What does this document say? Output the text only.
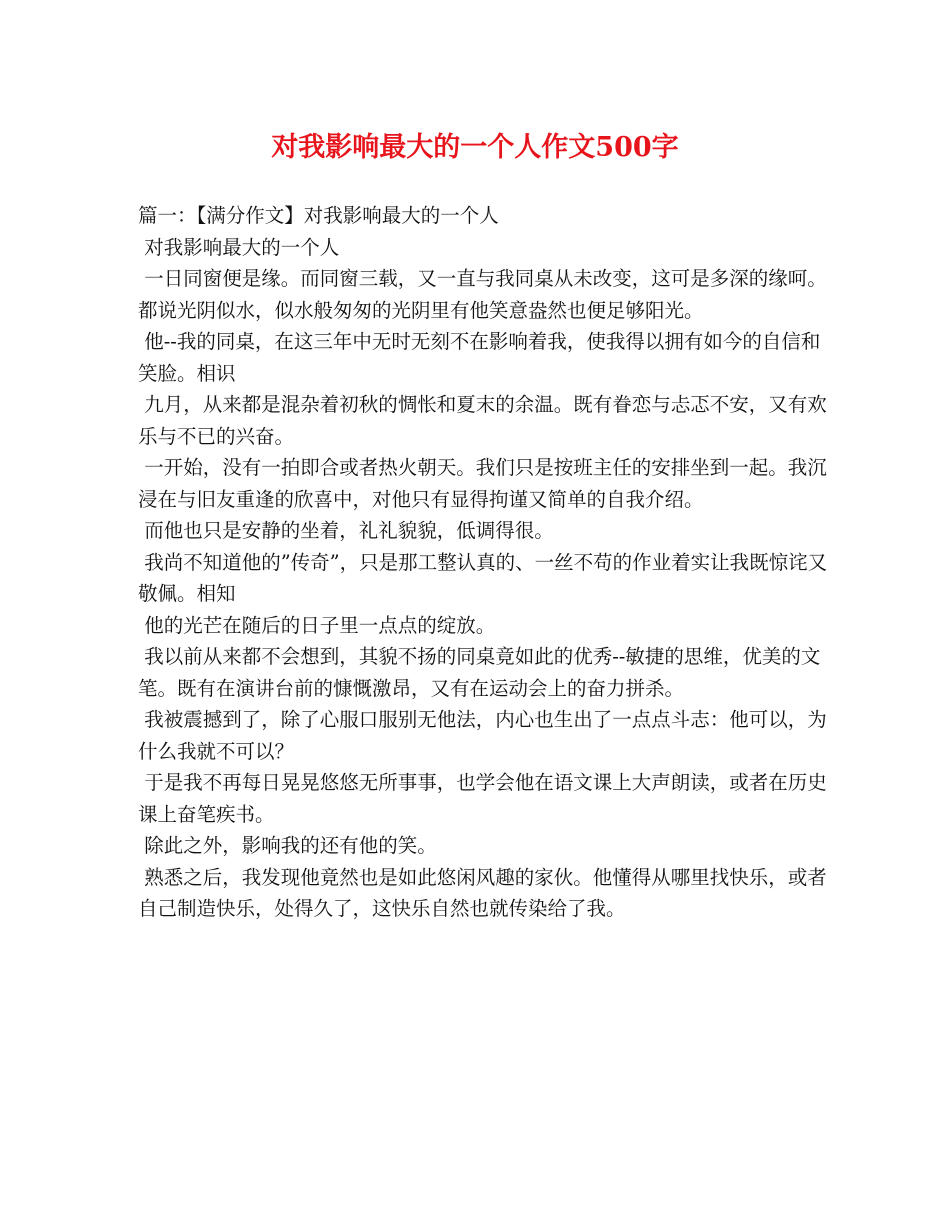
对我影响最大的一个人作文500字

篇一：【满分作文】对我影响最大的一个人

对我影响最大的一个人

一日同窗便是缘。而同窗三载，又一直与我同桌从未改变，这可是多深的缘呵。都说光阴似水，似水般匆匆的光阴里有他笑意盎然也便足够阳光。

他--我的同桌，在这三年中无时无刻不在影响着我，使我得以拥有如今的自信和笑脸。相识

九月，从来都是混杂着初秋的惆怅和夏末的余温。既有眷恋与忐忑不安，又有欢乐与不已的兴奋。

一开始，没有一拍即合或者热火朝天。我们只是按班主任的安排坐到一起。我沉浸在与旧友重逢的欣喜中，对他只有显得拘谨又简单的自我介绍。

而他也只是安静的坐着，礼礼貌貌，低调得很。

我尚不知道他的”传奇”，只是那工整认真的、一丝不苟的作业着实让我既惊诧又敬佩。相知

他的光芒在随后的日子里一点点的绽放。

我以前从来都不会想到，其貌不扬的同桌竟如此的优秀--敏捷的思维，优美的文笔。既有在演讲台前的慷慨激昂，又有在运动会上的奋力拼杀。

我被震撼到了，除了心服口服别无他法，内心也生出了一点点斗志：他可以，为什么我就不可以？

于是我不再每日晃晃悠悠无所事事，也学会他在语文课上大声朗读，或者在历史课上奋笔疾书。

除此之外，影响我的还有他的笑。

熟悉之后，我发现他竟然也是如此悠闲风趣的家伙。他懂得从哪里找快乐，或者自己制造快乐，处得久了，这快乐自然也就传染给了我。
